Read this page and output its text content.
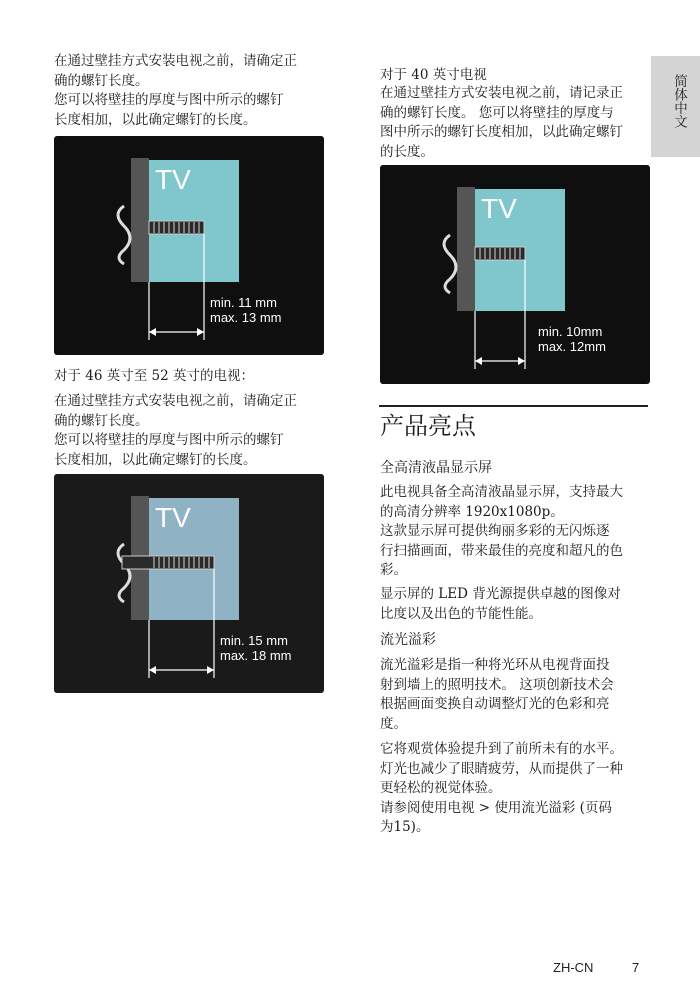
简体中文
在通过壁挂方式安装电视之前，请确定正
确的螺钉长度。
您可以将壁挂的厚度与图中所示的螺钉
长度相加，以此确定螺钉的长度。
TV
min. 11 mm
max. 13 mm
对于 46 英寸至 52 英寸的电视：
在通过壁挂方式安装电视之前，请确定正
确的螺钉长度。
您可以将壁挂的厚度与图中所示的螺钉
长度相加，以此确定螺钉的长度。
TV
min. 15 mm
max. 18 mm
对于 40 英寸电视
在通过壁挂方式安装电视之前，请记录正
确的螺钉长度。 您可以将壁挂的厚度与
图中所示的螺钉长度相加，以此确定螺钉
的长度。
TV
min. 10mm
max. 12mm
产品亮点
全高清液晶显示屏
此电视具备全高清液晶显示屏，支持最大
的高清分辨率 1920x1080p。
这款显示屏可提供绚丽多彩的无闪烁逐
行扫描画面，带来最佳的亮度和超凡的色
彩。
显示屏的 LED 背光源提供卓越的图像对
比度以及出色的节能性能。
流光溢彩
流光溢彩是指一种将光环从电视背面投
射到墙上的照明技术。 这项创新技术会
根据画面变换自动调整灯光的色彩和亮
度。
它将观赏体验提升到了前所未有的水平。
灯光也减少了眼睛疲劳，从而提供了一种
更轻松的视觉体验。
请参阅使用电视 > 使用流光溢彩 (页码
为15)。
ZH-CN	7
